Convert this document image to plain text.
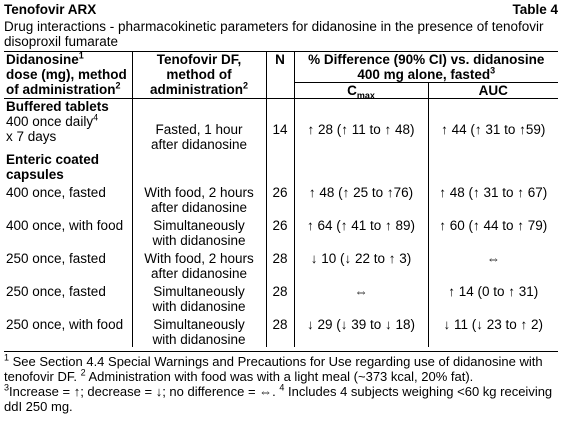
Tenofovir ARX	Table 4
Drug interactions - pharmacokinetic parameters for didanosine in the presence of tenofovir disoproxil fumarate
Didanosine$^1$
dose (mg), method
of administration$^2$	Tenofovir DF,
method of
administration$^2$	N	% Difference (90% CI) vs. didanosine
400 mg alone, fasted$^3$
			$C_{max}$	AUC
Buffered tablets				
400 once daily$^4$
x 7 days	Fasted, 1 hour
after didanosine	14	↑ 28 (↑ 11 to ↑ 48)	↑ 44 (↑ 31 to ↑59)
Enteric coated
capsules				
400 once, fasted	With food, 2 hours
after didanosine	26	↑ 48 (↑ 25 to ↑76)	↑ 48 (↑ 31 to ↑ 67)
400 once, with food	Simultaneously
with didanosine	26	↑ 64 (↑ 41 to ↑ 89)	↑ 60 (↑ 44 to ↑ 79)
250 once, fasted	With food, 2 hours
after didanosine	28	↓ 10 (↓ 22 to ↑ 3)	⇔
250 once, fasted	Simultaneously
with didanosine	28	⇔	↑ 14 (0 to ↑ 31)
250 once, with food	Simultaneously
with didanosine	28	↓ 29 (↓ 39 to ↓ 18)	↓ 11 (↓ 23 to ↑ 2)

$^1$ See Section 4.4 Special Warnings and Precautions for Use regarding use of didanosine with tenofovir DF. $^2$ Administration with food was with a light meal (~373 kcal, 20% fat).

$^3$Increase = ↑; decrease = ↓; no difference = ⇔. $^4$ Includes 4 subjects weighing <60 kg receiving ddI 250 mg.
